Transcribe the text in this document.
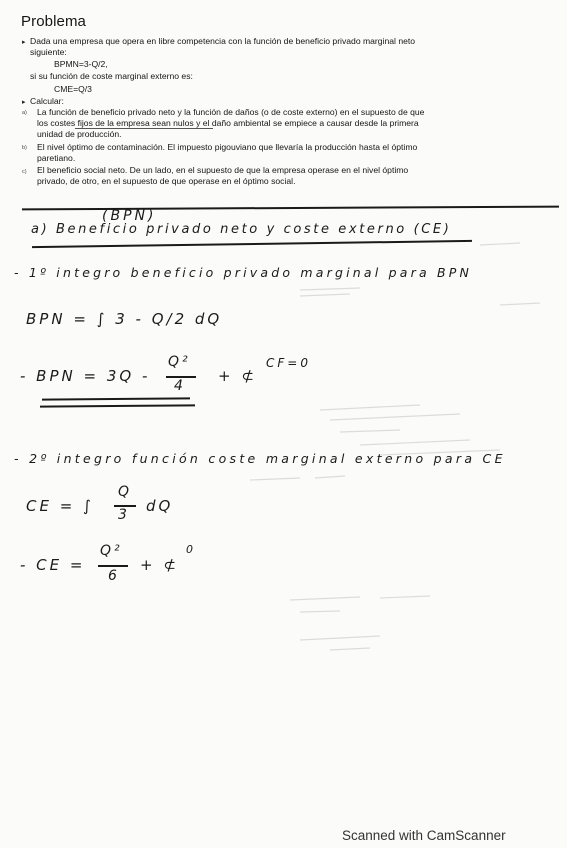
Problema
▸ Dada una empresa que opera en libre competencia con la función de beneficio privado marginal neto
siguiente:
BPMN=3-Q/2,
si su función de coste marginal externo es:
CME=Q/3
▸ Calcular:
a) La función de beneficio privado neto y la función de daños (o de coste externo) en el supuesto de que
los costes fijos de la empresa sean nulos y el daño ambiental se empiece a causar desde la primera
unidad de producción.
b) El nivel óptimo de contaminación. El impuesto pigouviano que llevaría la producción hasta el óptimo
paretiano.
c) El beneficio social neto. De un lado, en el supuesto de que la empresa operase en el nivel óptimo
privado, de otro, en el supuesto de que operase en el óptimo social.
(BPN)
a) Beneficio privado neto y coste externo (CE)
- 1º integro beneficio privado marginal para BPN
BPN = ∫ 3 - Q/2 dQ
- BPN = 3Q -
Q²
4
+ ⊄
CF=0
- 2º integro función coste marginal externo para CE
CE = ∫
Q
3 dQ
- CE =
Q²
6
+ ⊄
0
Scanned with CamScanner
